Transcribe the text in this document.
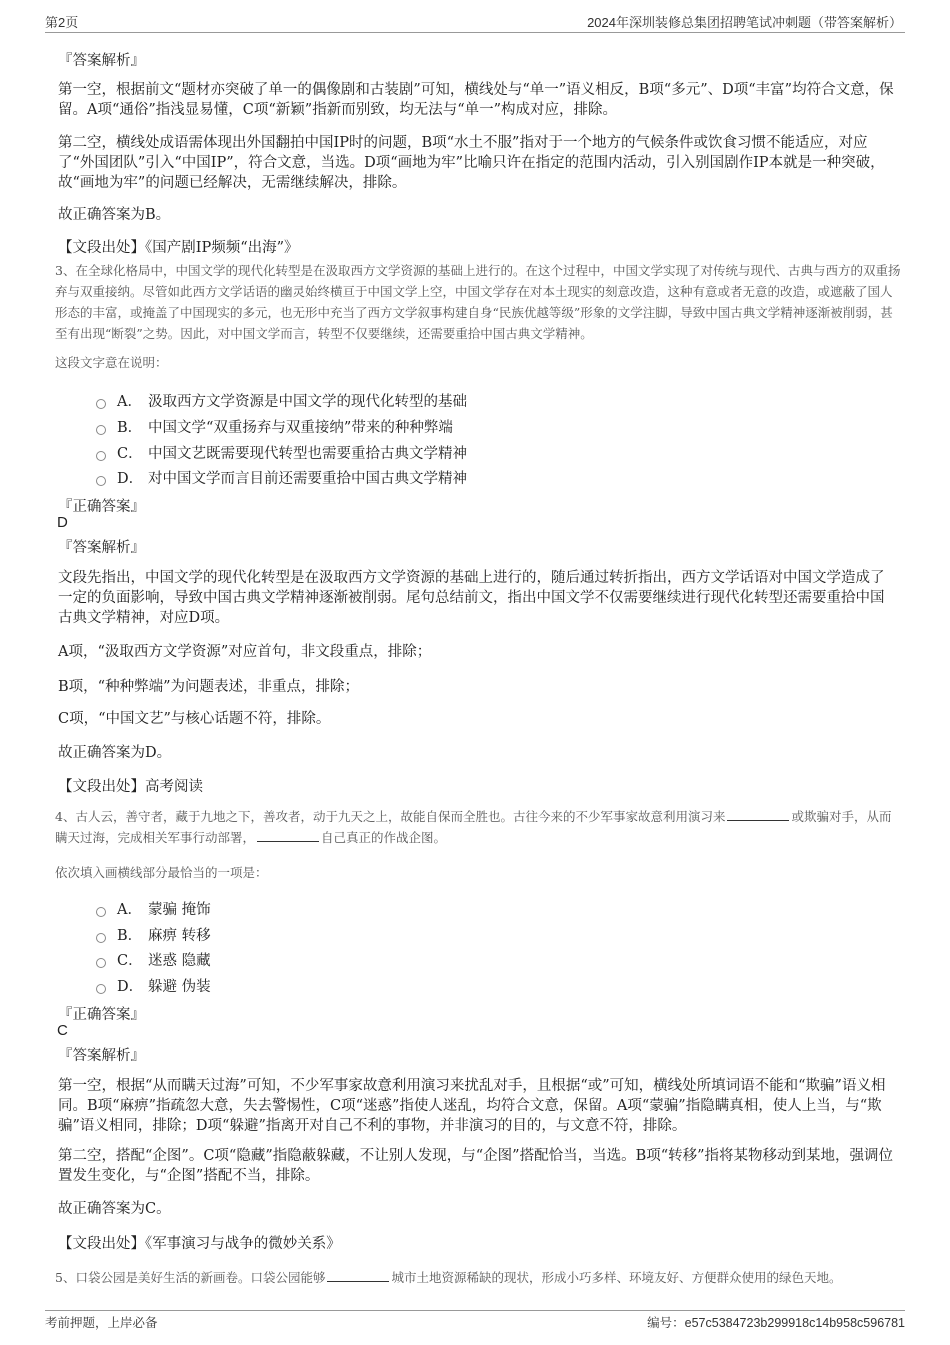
第2页	2024年深圳装修总集团招聘笔试冲刺题（带答案解析）
『答案解析』

第一空，根据前文“题材亦突破了单一的偶像剧和古装剧”可知，横线处与“单一”语义相反，B项“多元”、D项“丰富”均符合文意，保留。A项“通俗”指浅显易懂，C项“新颖”指新而别致，均无法与“单一”构成对应，排除。

第二空，横线处成语需体现出外国翻拍中国IP时的问题，B项“水土不服”指对于一个地方的气候条件或饮食习惯不能适应，对应了“外国团队”引入“中国IP”，符合文意，当选。D项“画地为牢”比喻只许在指定的范围内活动，引入别国剧作IP本就是一种突破，故“画地为牢”的问题已经解决，无需继续解决，排除。

故正确答案为B。
【文段出处】《国产剧IP频频“出海”》

3、在全球化格局中，中国文学的现代化转型是在汲取西方文学资源的基础上进行的。在这个过程中，中国文学实现了对传统与现代、古典与西方的双重扬弃与双重接纳。尽管如此西方文学话语的幽灵始终横亘于中国文学上空，中国文学存在对本土现实的刻意改造，这种有意或者无意的改造，或遮蔽了国人形态的丰富，或掩盖了中国现实的多元，也无形中充当了西方文学叙事构建自身“民族优越等级”形象的文学注脚，导致中国古典文学精神逐渐被削弱，甚至有出现“断裂”之势。因此，对中国文学而言，转型不仅要继续，还需要重拾中国古典文学精神。

这段文字意在说明：
A． 汲取西方文学资源是中国文学的现代化转型的基础
B． 中国文学“双重扬弃与双重接纳”带来的种种弊端
C． 中国文艺既需要现代转型也需要重拾古典文学精神
D． 对中国文学而言目前还需要重拾中国古典文学精神
『正确答案』
D
『答案解析』

文段先指出，中国文学的现代化转型是在汲取西方文学资源的基础上进行的，随后通过转折指出，西方文学话语对中国文学造成了一定的负面影响，导致中国古典文学精神逐渐被削弱。尾句总结前文，指出中国文学不仅需要继续进行现代化转型还需要重拾中国古典文学精神，对应D项。

A项，“汲取西方文学资源”对应首句，非文段重点，排除；
B项，“种种弊端”为问题表述，非重点，排除；
C项，“中国文艺”与核心话题不符，排除。
故正确答案为D。
【文段出处】高考阅读

4、古人云，善守者，藏于九地之下，善攻者，动于九天之上，故能自保而全胜也。古往今来的不少军事家故意利用演习来	或欺骗对手，从而瞒天过海，完成相关军事行动部署，	自己真正的作战企图。

依次填入画横线部分最恰当的一项是：
A． 蒙骗 掩饰
B． 麻痹 转移
C． 迷惑 隐藏
D． 躲避 伪装
『正确答案』
C
『答案解析』

第一空，根据“从而瞒天过海”可知，不少军事家故意利用演习来扰乱对手，且根据“或”可知，横线处所填词语不能和“欺骗”语义相同。B项“麻痹”指疏忽大意，失去警惕性，C项“迷惑”指使人迷乱，均符合文意，保留。A项“蒙骗”指隐瞒真相，使人上当，与“欺骗”语义相同，排除；D项“躲避”指离开对自己不利的事物，并非演习的目的，与文意不符，排除。

第二空，搭配“企图”。C项“隐藏”指隐蔽躲藏，不让别人发现，与“企图”搭配恰当，当选。B项“转移”指将某物移动到某地，强调位置发生变化，与“企图”搭配不当，排除。

故正确答案为C。
【文段出处】《军事演习与战争的微妙关系》

5、口袋公园是美好生活的新画卷。口袋公园能够	城市土地资源稀缺的现状，形成小巧多样、环境友好、方便群众使用的绿色天地。

考前押题，上岸必备	编号：e57c5384723b299918c14b958c596781
